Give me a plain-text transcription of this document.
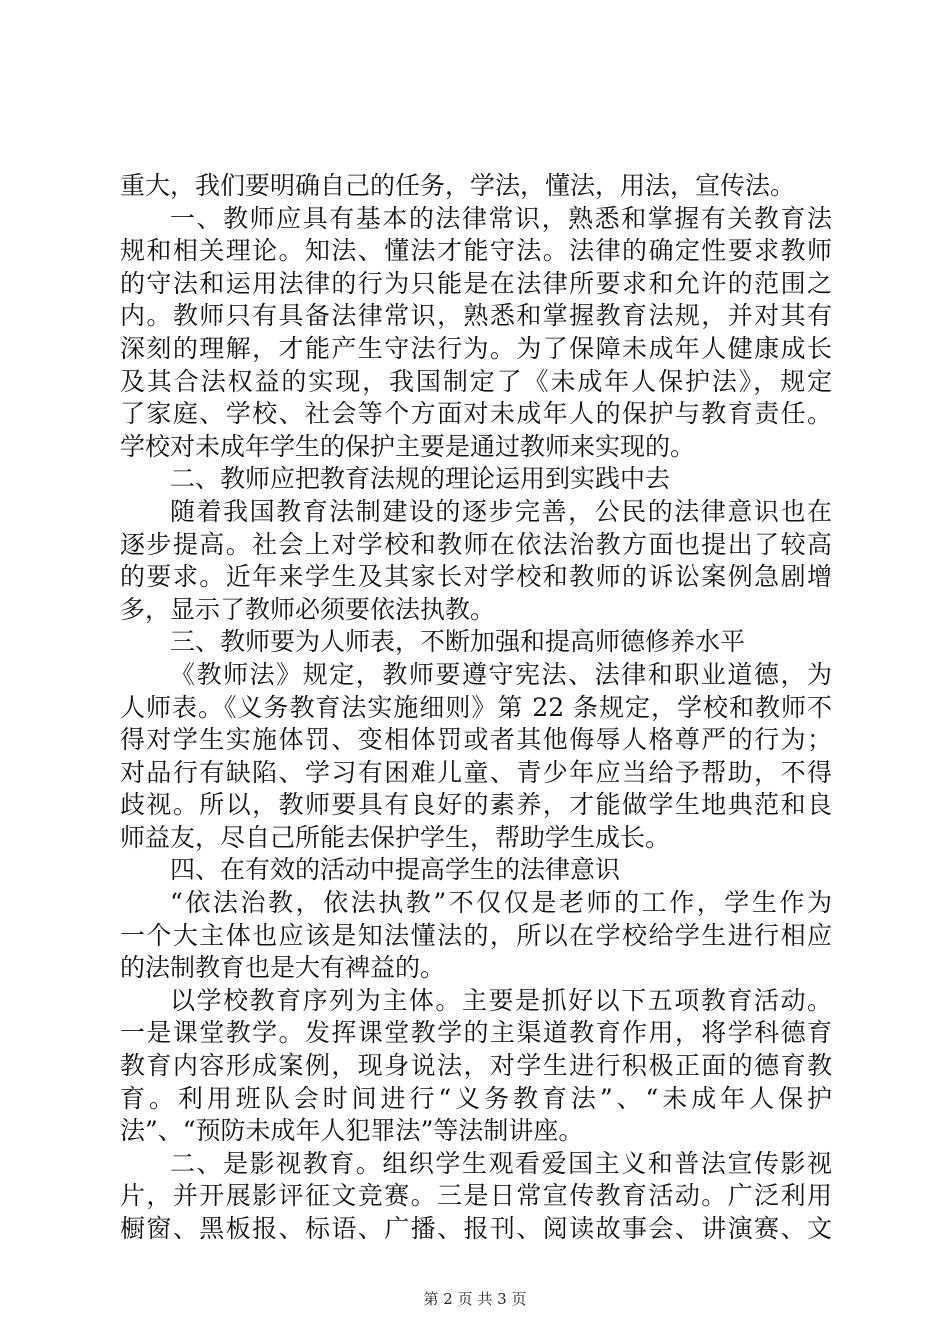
重大，我们要明确自己的任务，学法，懂法，用法，宣传法。
一、教师应具有基本的法律常识，熟悉和掌握有关教育法
规和相关理论。知法、懂法才能守法。法律的确定性要求教师
的守法和运用法律的行为只能是在法律所要求和允许的范围之
内。教师只有具备法律常识，熟悉和掌握教育法规，并对其有
深刻的理解，才能产生守法行为。为了保障未成年人健康成长
及其合法权益的实现，我国制定了《未成年人保护法》，规定
了家庭、学校、社会等个方面对未成年人的保护与教育责任。
学校对未成年学生的保护主要是通过教师来实现的。
二、教师应把教育法规的理论运用到实践中去
随着我国教育法制建设的逐步完善，公民的法律意识也在
逐步提高。社会上对学校和教师在依法治教方面也提出了较高
的要求。近年来学生及其家长对学校和教师的诉讼案例急剧增
多，显示了教师必须要依法执教。
三、教师要为人师表，不断加强和提高师德修养水平
《教师法》规定，教师要遵守宪法、法律和职业道德，为
人师表。《义务教育法实施细则》第 22 条规定，学校和教师不
得对学生实施体罚、变相体罚或者其他侮辱人格尊严的行为；
对品行有缺陷、学习有困难儿童、青少年应当给予帮助，不得
歧视。所以，教师要具有良好的素养，才能做学生地典范和良
师益友，尽自己所能去保护学生，帮助学生成长。
四、在有效的活动中提高学生的法律意识
“依法治教，依法执教”不仅仅是老师的工作，学生作为
一个大主体也应该是知法懂法的，所以在学校给学生进行相应
的法制教育也是大有裨益的。
以学校教育序列为主体。主要是抓好以下五项教育活动。
一是课堂教学。发挥课堂教学的主渠道教育作用，将学科德育
教育内容形成案例，现身说法，对学生进行积极正面的德育教
育。利用班队会时间进行“义务教育法”、“未成年人保护
法”、“预防未成年人犯罪法”等法制讲座。
二、是影视教育。组织学生观看爱国主义和普法宣传影视
片，并开展影评征文竞赛。三是日常宣传教育活动。广泛利用
橱窗、黑板报、标语、广播、报刊、阅读故事会、讲演赛、文
第 2 页 共 3 页
